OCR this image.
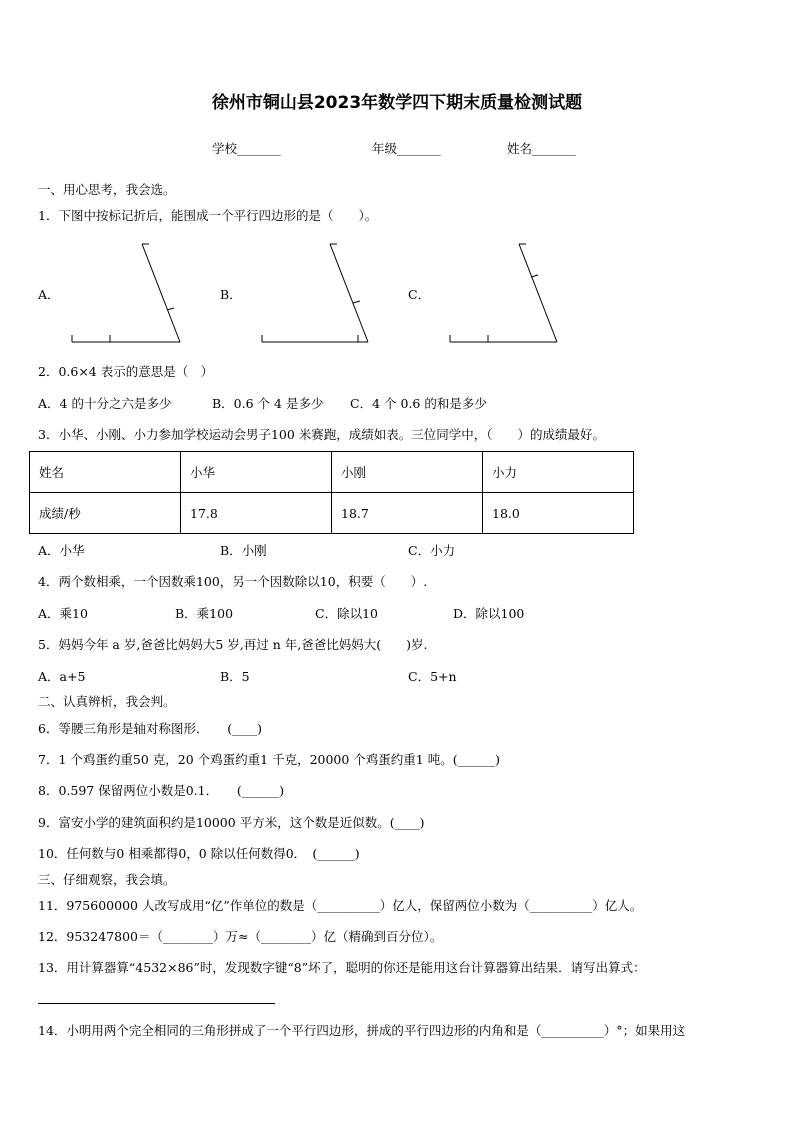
徐州市铜山县2023年数学四下期末质量检测试题
学校_______	年级_______	姓名_______
一、用心思考，我会选。
1．下图中按标记折后，能围成一个平行四边形的是（　　）。
A．	B．	C．
2．0.6×4 表示的意思是（　）
A．4 的十分之六是多少	B．0.6 个 4 是多少 C．4 个 0.6 的和是多少
3．小华、小刚、小力参加学校运动会男子100 米赛跑，成绩如表。三位同学中，（　　）的成绩最好。
姓名	小华	小刚	小力
成绩/秒	17.8	18.7	18.0
A．小华	B．小刚	C．小力
4．两个数相乘，一个因数乘100，另一个因数除以10，积要（　　）.
A．乘10	B．乘100	C．除以10	D．除以100
5．妈妈今年 a 岁,爸爸比妈妈大5 岁,再过 n 年,爸爸比妈妈大(　　)岁.
A．a+5	B．5	C．5+n
二、认真辨析，我会判。
6．等腰三角形是轴对称图形．　　(____)
7．1 个鸡蛋约重50 克，20 个鸡蛋约重1 千克，20000 个鸡蛋约重1 吨。(______)
8．0.597 保留两位小数是0.1．　　(______)
9．富安小学的建筑面积约是10000 平方米，这个数是近似数。(____)
10．任何数与0 相乘都得0，0 除以任何数得0．　(______)
三、仔细观察，我会填。
11．975600000 人改写成用“亿”作单位的数是（__________）亿人，保留两位小数为（__________）亿人。
12．953247800＝（________）万≈（________）亿（精确到百分位）。
13．用计算器算“4532×86”时，发现数字键“8”坏了，聪明的你还是能用这台计算器算出结果．请写出算式：
14．小明用两个完全相同的三角形拼成了一个平行四边形，拼成的平行四边形的内角和是（__________）°；如果用这
